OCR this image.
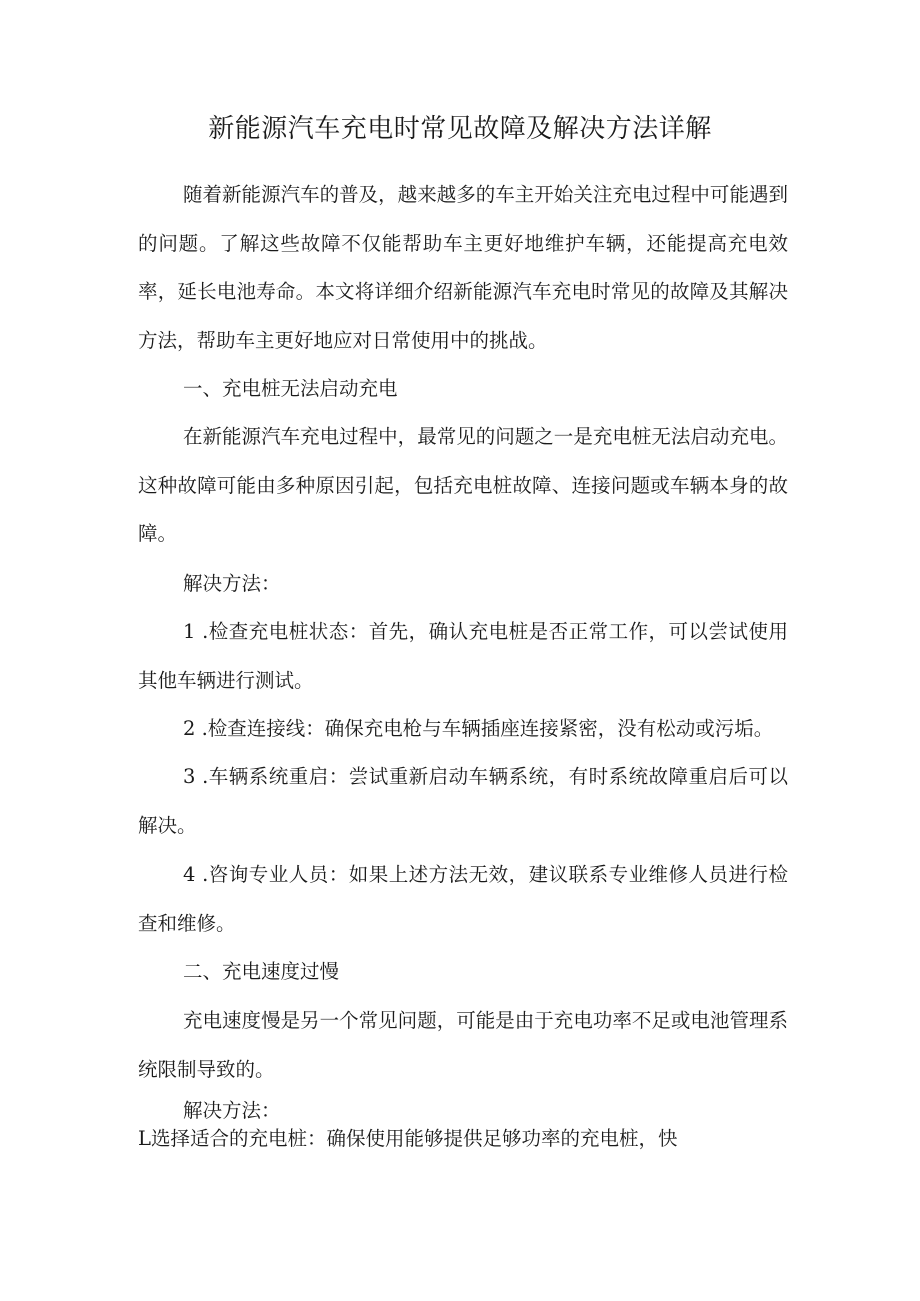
新能源汽车充电时常见故障及解决方法详解

随着新能源汽车的普及，越来越多的车主开始关注充电过程中可能遇到的问题。了解这些故障不仅能帮助车主更好地维护车辆，还能提高充电效率，延长电池寿命。本文将详细介绍新能源汽车充电时常见的故障及其解决方法，帮助车主更好地应对日常使用中的挑战。

一、充电桩无法启动充电

在新能源汽车充电过程中，最常见的问题之一是充电桩无法启动充电。这种故障可能由多种原因引起，包括充电桩故障、连接问题或车辆本身的故障。

解决方法：

1 .检查充电桩状态：首先，确认充电桩是否正常工作，可以尝试使用其他车辆进行测试。

2 .检查连接线：确保充电枪与车辆插座连接紧密，没有松动或污垢。

3 .车辆系统重启：尝试重新启动车辆系统，有时系统故障重启后可以解决。

4 .咨询专业人员：如果上述方法无效，建议联系专业维修人员进行检查和维修。

二、充电速度过慢

充电速度慢是另一个常见问题，可能是由于充电功率不足或电池管理系统限制导致的。

解决方法：

L选择适合的充电桩：确保使用能够提供足够功率的充电桩，快
